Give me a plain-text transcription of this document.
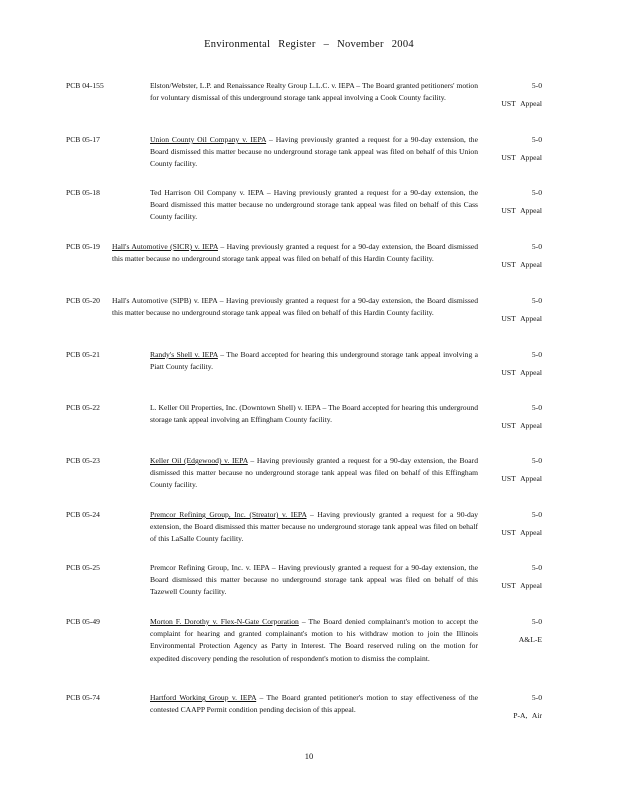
Environmental Register – November 2004
PCB 04-155	Elston/Webster, L.P. and Renaissance Realty Group L.L.C. v. IEPA – The Board granted petitioners' motion for voluntary dismissal of this underground storage tank appeal involving a Cook County facility.
5-0
UST Appeal
PCB 05-17	Union County Oil Company v. IEPA – Having previously granted a request for a 90-day extension, the Board dismissed this matter because no underground storage tank appeal was filed on behalf of this Union County facility.
5-0
UST Appeal
PCB 05-18	Ted Harrison Oil Company v. IEPA – Having previously granted a request for a 90-day extension, the Board dismissed this matter because no underground storage tank appeal was filed on behalf of this Cass County facility.
5-0
UST Appeal
PCB 05-19	Hall's Automotive (SICR) v. IEPA – Having previously granted a request for a 90-day extension, the Board dismissed this matter because no underground storage tank appeal was filed on behalf of this Hardin County facility.
5-0
UST Appeal
PCB 05-20	Hall's Automotive (SIPB) v. IEPA – Having previously granted a request for a 90-day extension, the Board dismissed this matter because no underground storage tank appeal was filed on behalf of this Hardin County facility.
5-0
UST Appeal
PCB 05-21	Randy's Shell v. IEPA – The Board accepted for hearing this underground storage tank appeal involving a Piatt County facility.
5-0
UST Appeal
PCB 05-22	L. Keller Oil Properties, Inc. (Downtown Shell) v. IEPA – The Board accepted for hearing this underground storage tank appeal involving an Effingham County facility.
5-0
UST Appeal
PCB 05-23	Keller Oil (Edgewood) v. IEPA – Having previously granted a request for a 90-day extension, the Board dismissed this matter because no underground storage tank appeal was filed on behalf of this Effingham County facility.
5-0
UST Appeal
PCB 05-24	Premcor Refining Group, Inc. (Streator) v. IEPA – Having previously granted a request for a 90-day extension, the Board dismissed this matter because no underground storage tank appeal was filed on behalf of this LaSalle County facility.
5-0
UST Appeal
PCB 05-25	Premcor Refining Group, Inc. v. IEPA – Having previously granted a request for a 90-day extension, the Board dismissed this matter because no underground storage tank appeal was filed on behalf of this Tazewell County facility.
5-0
UST Appeal
PCB 05-49	Morton F. Dorothy v. Flex-N-Gate Corporation – The Board denied complainant's motion to accept the complaint for hearing and granted complainant's motion to his withdraw motion to join the Illinois Environmental Protection Agency as Party in Interest. The Board reserved ruling on the motion for expedited discovery pending the resolution of respondent's motion to dismiss the complaint.
5-0
A&L-E
PCB 05-74	Hartford Working Group v. IEPA – The Board granted petitioner's motion to stay effectiveness of the contested CAAPP Permit condition pending decision of this appeal.
5-0
P-A, Air
10
